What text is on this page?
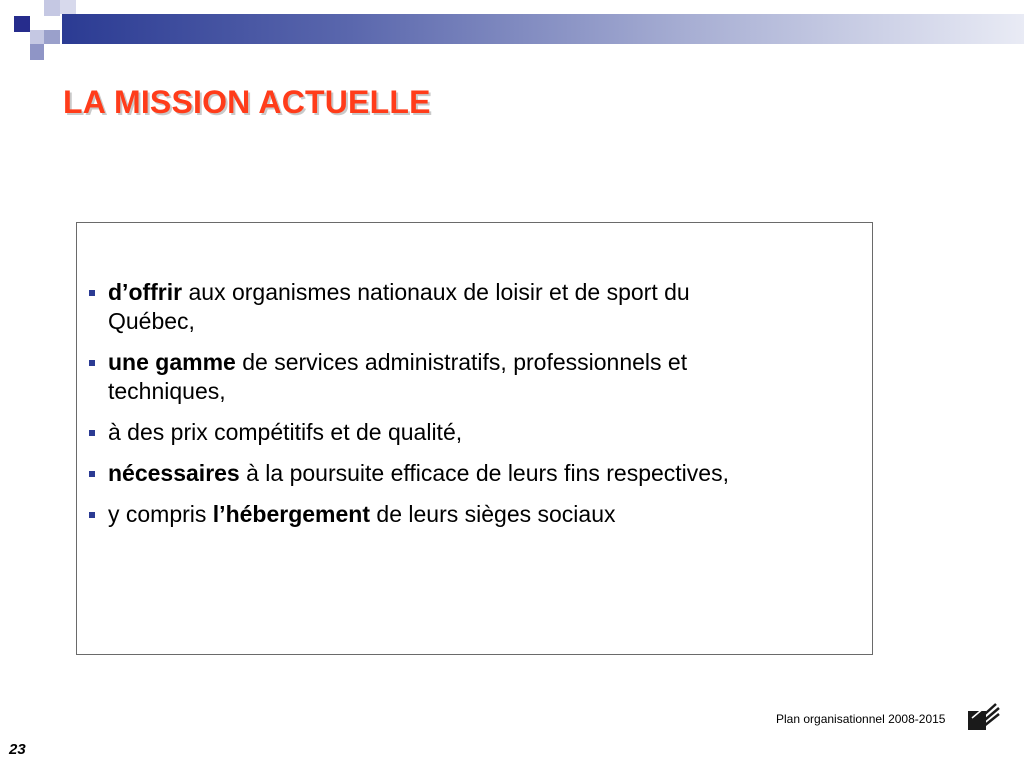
LA MISSION ACTUELLE
d’offrir aux organismes nationaux de loisir et de sport du Québec,
une gamme de services administratifs, professionnels et techniques,
à des prix compétitifs et de qualité,
nécessaires à la poursuite efficace de leurs fins respectives,
y compris l’hébergement de leurs sièges sociaux
Plan organisationnel 2008-2015
23
